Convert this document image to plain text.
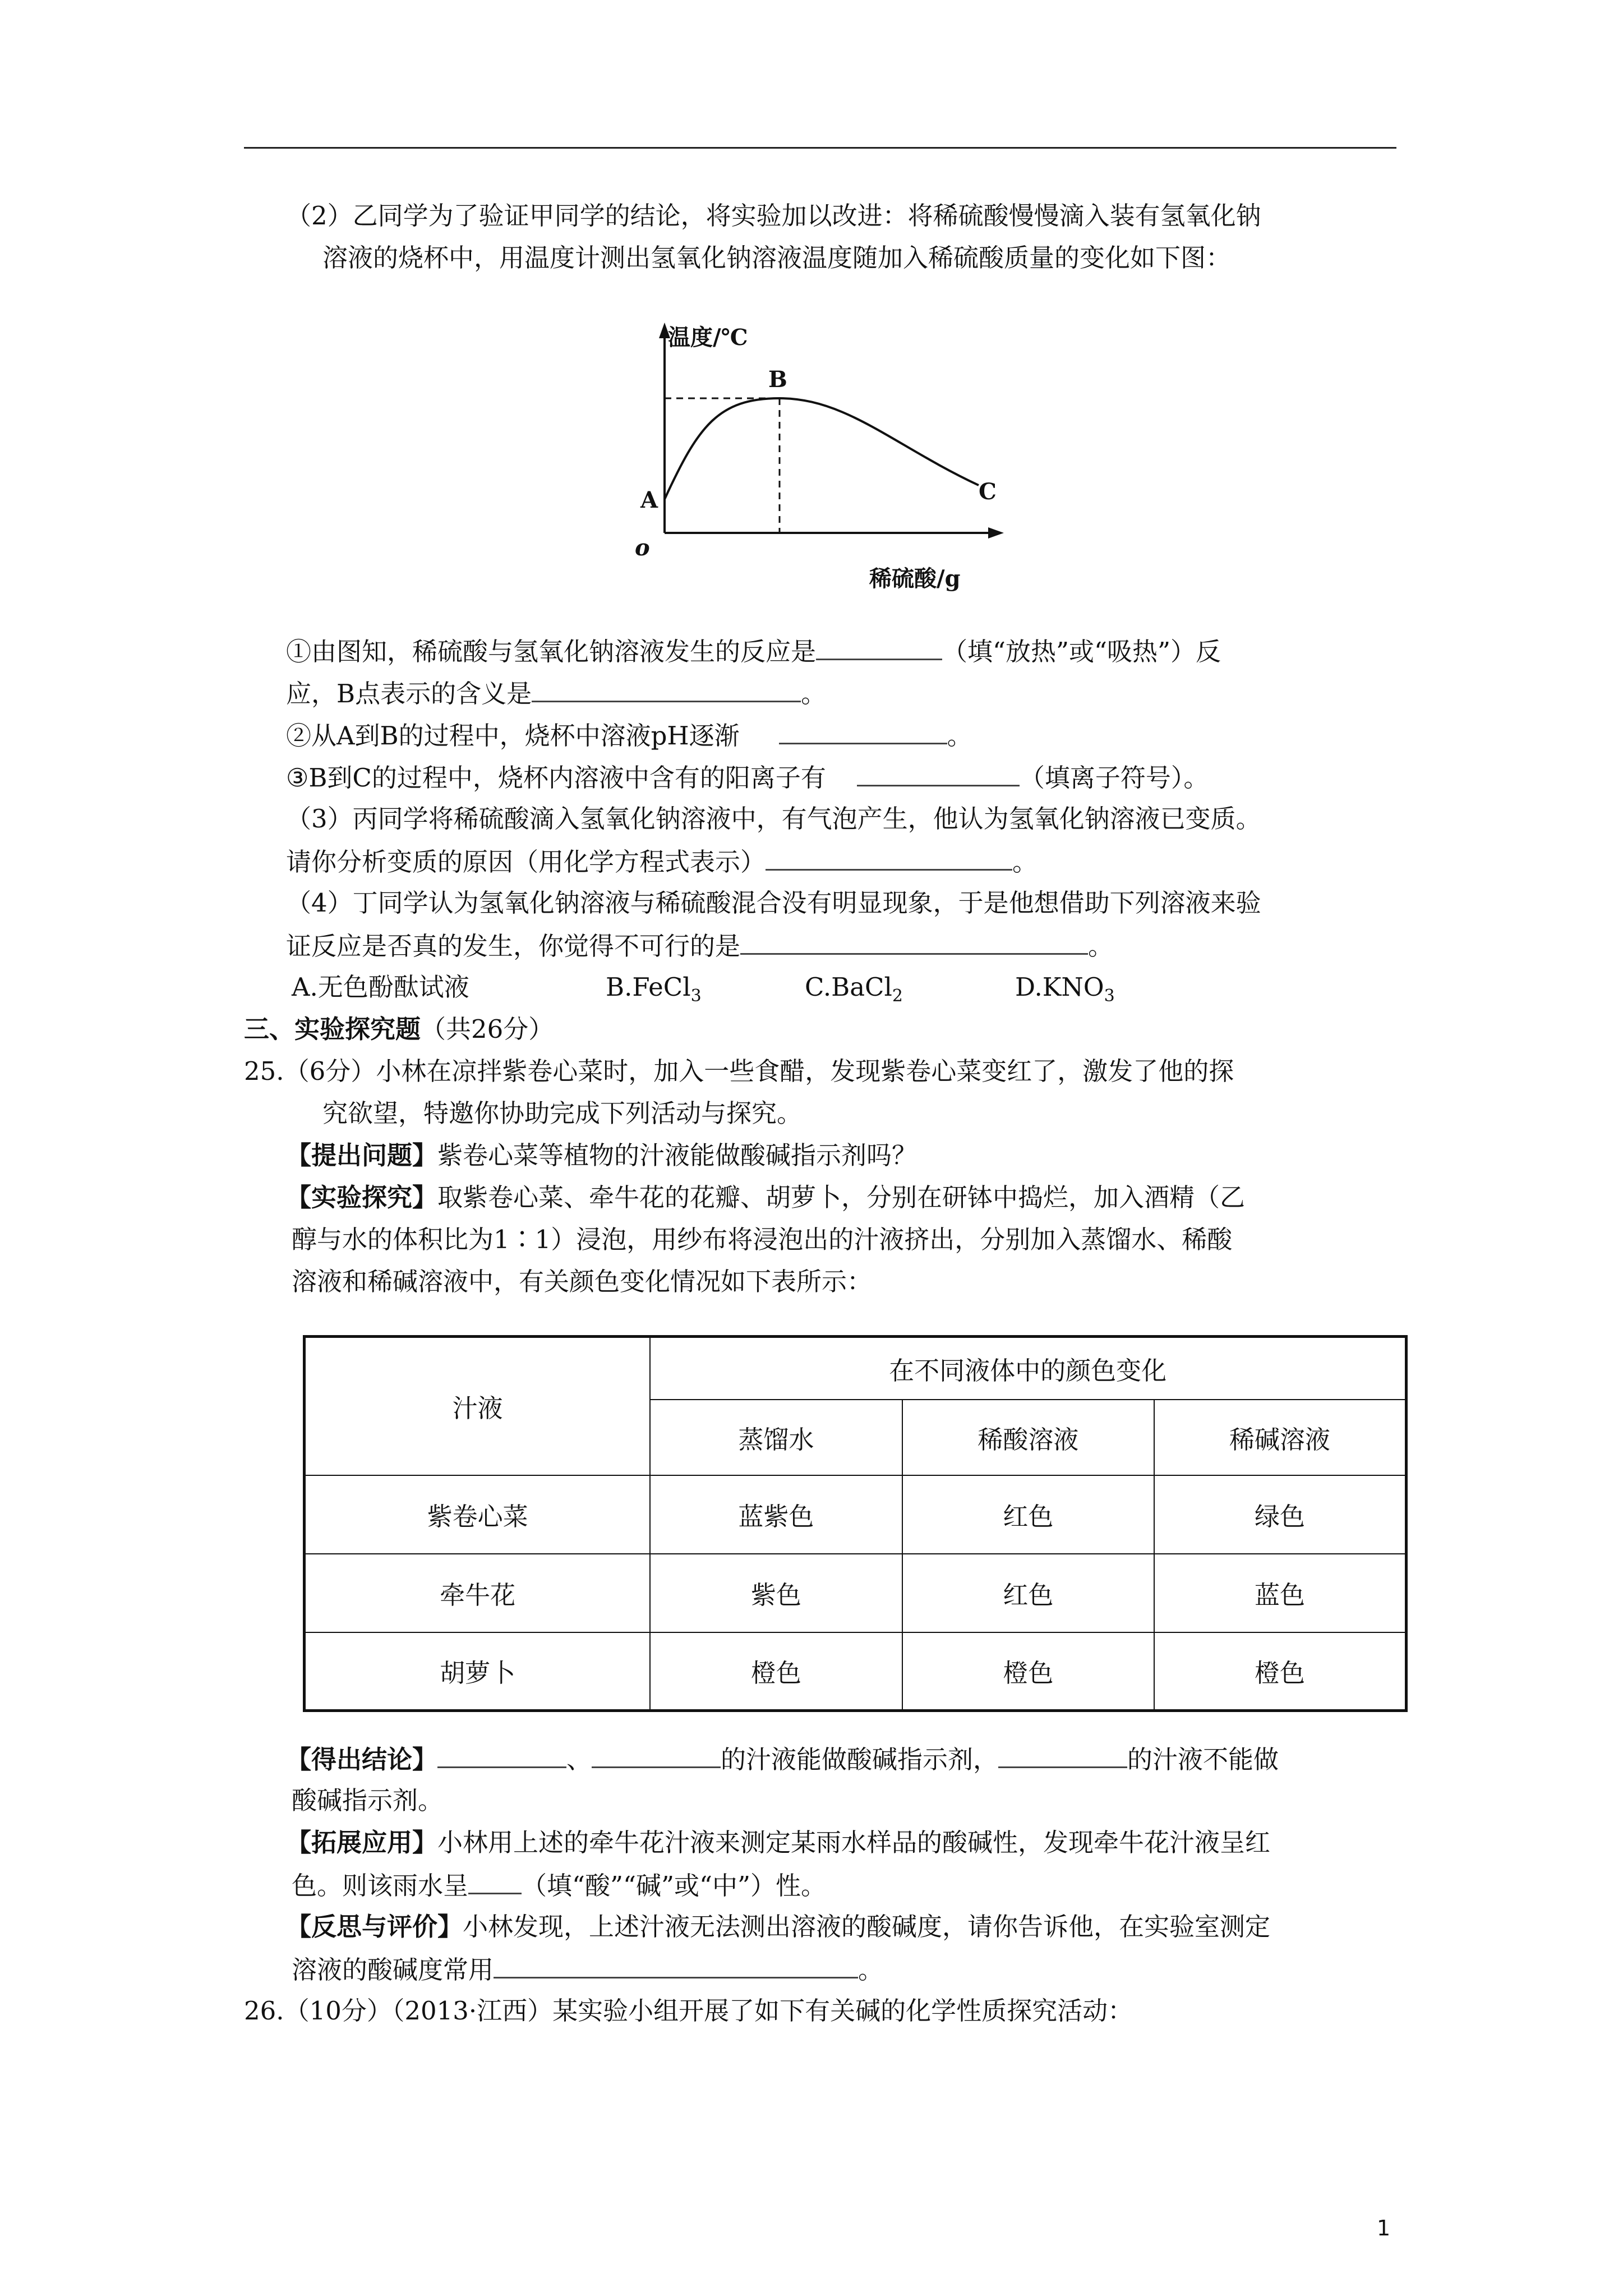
（2）乙同学为了验证甲同学的结论，将实验加以改进：将稀硫酸慢慢滴入装有氢氧化钠
溶液的烧杯中，用温度计测出氢氧化钠溶液温度随加入稀硫酸质量的变化如下图：
温度/℃
稀硫酸/g
o
A
B
C
①由图知，稀硫酸与氢氧化钠溶液发生的反应是	（填“放热”或“吸热”）反
应，B点表示的含义是	。
②从A到B的过程中，烧杯中溶液pH逐渐	。
③B到C的过程中，烧杯内溶液中含有的阳离子有	（填离子符号）。
（3）丙同学将稀硫酸滴入氢氧化钠溶液中，有气泡产生，他认为氢氧化钠溶液已变质。
请你分析变质的原因（用化学方程式表示）	。
（4）丁同学认为氢氧化钠溶液与稀硫酸混合没有明显现象，于是他想借助下列溶液来验
证反应是否真的发生，你觉得不可行的是	。
A.无色酚酞试液	B.FeCl$_3$	C.BaCl$_2$	$D.KNO_3$
三、实验探究题（共26分）
25.（6分）小林在凉拌紫卷心菜时，加入一些食醋，发现紫卷心菜变红了，激发了他的探
究欲望，特邀你协助完成下列活动与探究。
【提出问题】紫卷心菜等植物的汁液能做酸碱指示剂吗？
【实验探究】取紫卷心菜、牵牛花的花瓣、胡萝卜，分别在研钵中捣烂，加入酒精（乙
醇与水的体积比为1∶1）浸泡，用纱布将浸泡出的汁液挤出，分别加入蒸馏水、稀酸
溶液和稀碱溶液中，有关颜色变化情况如下表所示：
汁液	在不同液体中的颜色变化		
	蒸馏水	稀酸溶液	稀碱溶液
紫卷心菜	蓝紫色	红色	绿色
牵牛花	紫色	红色	蓝色
胡萝卜	橙色	橙色	橙色
【得出结论】	、	的汁液能做酸碱指示剂，	的汁液不能做
酸碱指示剂。
【拓展应用】小林用上述的牵牛花汁液来测定某雨水样品的酸碱性，发现牵牛花汁液呈红
色。则该雨水呈 （填“酸”“碱”或“中”）性。
【反思与评价】小林发现，上述汁液无法测出溶液的酸碱度，请你告诉他，在实验室测定
溶液的酸碱度常用	。
26.（10分）（2013·江西）某实验小组开展了如下有关碱的化学性质探究活动：
1
